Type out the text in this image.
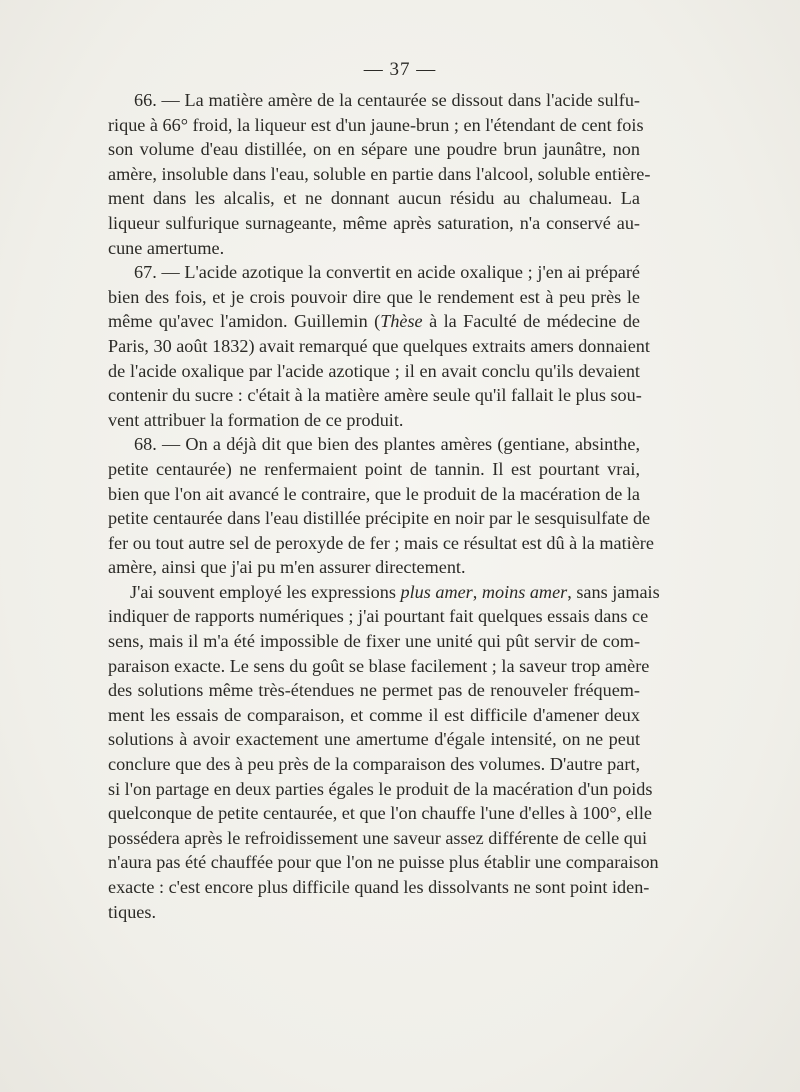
— 37 —
66. — La matière amère de la centaurée se dissout dans l'acide sulfu-
rique à 66° froid, la liqueur est d'un jaune-brun ; en l'étendant de cent fois
son volume d'eau distillée, on en sépare une poudre brun jaunâtre, non
amère, insoluble dans l'eau, soluble en partie dans l'alcool, soluble entière-
ment dans les alcalis, et ne donnant aucun résidu au chalumeau. La
liqueur sulfurique surnageante, même après saturation, n'a conservé au-
cune amertume.
67. — L'acide azotique la convertit en acide oxalique ; j'en ai préparé
bien des fois, et je crois pouvoir dire que le rendement est à peu près le
même qu'avec l'amidon. Guillemin (Thèse à la Faculté de médecine de
Paris, 30 août 1832) avait remarqué que quelques extraits amers donnaient
de l'acide oxalique par l'acide azotique ; il en avait conclu qu'ils devaient
contenir du sucre : c'était à la matière amère seule qu'il fallait le plus sou-
vent attribuer la formation de ce produit.
68. — On a déjà dit que bien des plantes amères (gentiane, absinthe,
petite centaurée) ne renfermaient point de tannin. Il est pourtant vrai,
bien que l'on ait avancé le contraire, que le produit de la macération de la
petite centaurée dans l'eau distillée précipite en noir par le sesquisulfate de
fer ou tout autre sel de peroxyde de fer ; mais ce résultat est dû à la matière
amère, ainsi que j'ai pu m'en assurer directement.
J'ai souvent employé les expressions plus amer, moins amer, sans jamais
indiquer de rapports numériques ; j'ai pourtant fait quelques essais dans ce
sens, mais il m'a été impossible de fixer une unité qui pût servir de com-
paraison exacte. Le sens du goût se blase facilement ; la saveur trop amère
des solutions même très-étendues ne permet pas de renouveler fréquem-
ment les essais de comparaison, et comme il est difficile d'amener deux
solutions à avoir exactement une amertume d'égale intensité, on ne peut
conclure que des à peu près de la comparaison des volumes. D'autre part,
si l'on partage en deux parties égales le produit de la macération d'un poids
quelconque de petite centaurée, et que l'on chauffe l'une d'elles à 100°, elle
possédera après le refroidissement une saveur assez différente de celle qui
n'aura pas été chauffée pour que l'on ne puisse plus établir une comparaison
exacte : c'est encore plus difficile quand les dissolvants ne sont point iden-
tiques.
